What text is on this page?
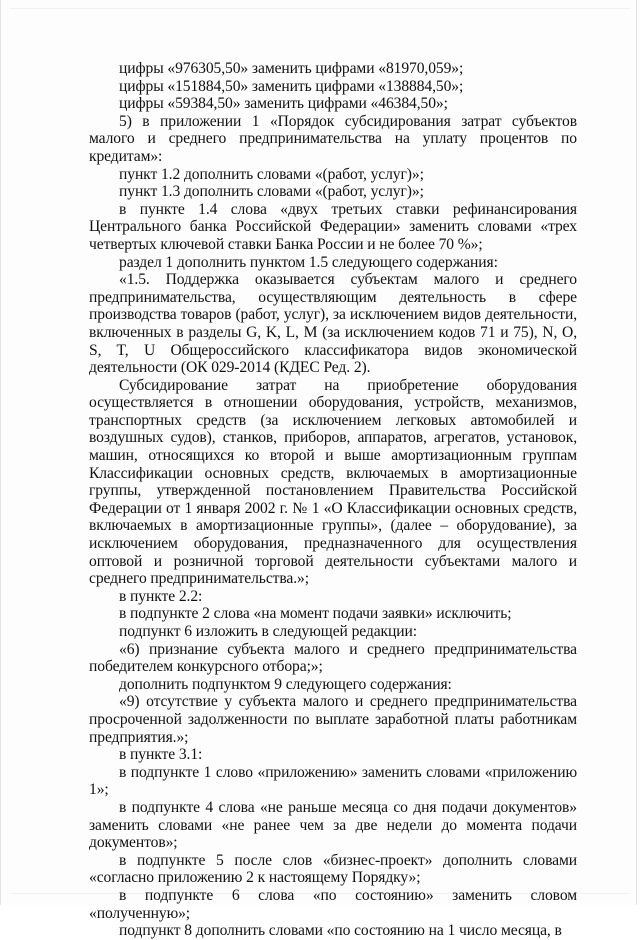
цифры «976305,50» заменить цифрами «81970,059»;

цифры «151884,50» заменить цифрами «138884,50»;

цифры «59384,50» заменить цифрами «46384,50»;

5) в приложении 1 «Порядок субсидирования затрат субъектов малого и среднего предпринимательства на уплату процентов по кредитам»:

пункт 1.2 дополнить словами «(работ, услуг)»;

пункт 1.3 дополнить словами «(работ, услуг)»;

в пункте 1.4 слова «двух третьих ставки рефинансирования Центрального банка Российской Федерации» заменить словами «трех четвертых ключевой ставки Банка России и не более 70 %»;

раздел 1 дополнить пунктом 1.5 следующего содержания:

«1.5. Поддержка оказывается субъектам малого и среднего предпринимательства, осуществляющим деятельность в сфере производства товаров (работ, услуг), за исключением видов деятельности, включенных в разделы G, K, L, M (за исключением кодов 71 и 75), N, O, S, T, U Общероссийского классификатора видов экономической деятельности (ОК 029-2014 (КДЕС Ред. 2).

Субсидирование затрат на приобретение оборудования осуществляется в отношении оборудования, устройств, механизмов, транспортных средств (за исключением легковых автомобилей и воздушных судов), станков, приборов, аппаратов, агрегатов, установок, машин, относящихся ко второй и выше амортизационным группам Классификации основных средств, включаемых в амортизационные группы, утвержденной постановлением Правительства Российской Федерации от 1 января 2002 г. № 1 «О Классификации основных средств, включаемых в амортизационные группы», (далее – оборудование), за исключением оборудования, предназначенного для осуществления оптовой и розничной торговой деятельности субъектами малого и среднего предпринимательства.»;

в пункте 2.2:

в подпункте 2 слова «на момент подачи заявки» исключить;

подпункт 6 изложить в следующей редакции:

«6) признание субъекта малого и среднего предпринимательства победителем конкурсного отбора;»;

дополнить подпунктом 9 следующего содержания:

«9) отсутствие у субъекта малого и среднего предпринимательства просроченной задолженности по выплате заработной платы работникам предприятия.»;

в пункте 3.1:

в подпункте 1 слово «приложению» заменить словами «приложению 1»;

в подпункте 4 слова «не раньше месяца со дня подачи документов» заменить словами «не ранее чем за две недели до момента подачи документов»;

в подпункте 5 после слов «бизнес-проект» дополнить словами «согласно приложению 2 к настоящему Порядку»;

в подпункте 6 слова «по состоянию» заменить словом «полученную»;

подпункт 8 дополнить словами «по состоянию на 1 число месяца, в
